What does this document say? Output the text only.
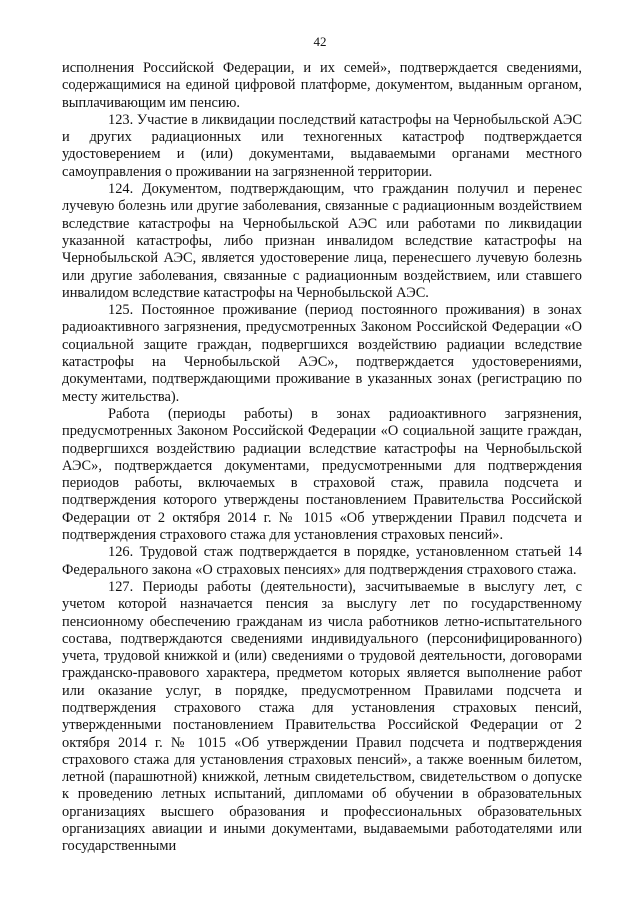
42

исполнения Российской Федерации, и их семей», подтверждается сведениями, содержащимися на единой цифровой платформе, документом, выданным органом, выплачивающим им пенсию.

123. Участие в ликвидации последствий катастрофы на Чернобыльской АЭС и других радиационных или техногенных катастроф подтверждается удостоверением и (или) документами, выдаваемыми органами местного самоуправления о проживании на загрязненной территории.

124. Документом, подтверждающим, что гражданин получил и перенес лучевую болезнь или другие заболевания, связанные с радиационным воздействием вследствие катастрофы на Чернобыльской АЭС или работами по ликвидации указанной катастрофы, либо признан инвалидом вследствие катастрофы на Чернобыльской АЭС, является удостоверение лица, перенесшего лучевую болезнь или другие заболевания, связанные с радиационным воздействием, или ставшего инвалидом вследствие катастрофы на Чернобыльской АЭС.

125. Постоянное проживание (период постоянного проживания) в зонах радиоактивного загрязнения, предусмотренных Законом Российской Федерации «О социальной защите граждан, подвергшихся воздействию радиации вследствие катастрофы на Чернобыльской АЭС», подтверждается удостоверениями, документами, подтверждающими проживание в указанных зонах (регистрацию по месту жительства).

Работа (периоды работы) в зонах радиоактивного загрязнения, предусмотренных Законом Российской Федерации «О социальной защите граждан, подвергшихся воздействию радиации вследствие катастрофы на Чернобыльской АЭС», подтверждается документами, предусмотренными для подтверждения периодов работы, включаемых в страховой стаж, правила подсчета и подтверждения которого утверждены постановлением Правительства Российской Федерации от 2 октября 2014 г. № 1015 «Об утверждении Правил подсчета и подтверждения страхового стажа для установления страховых пенсий».

126. Трудовой стаж подтверждается в порядке, установленном статьей 14 Федерального закона «О страховых пенсиях» для подтверждения страхового стажа.

127. Периоды работы (деятельности), засчитываемые в выслугу лет, с учетом которой назначается пенсия за выслугу лет по государственному пенсионному обеспечению гражданам из числа работников летно-испытательного состава, подтверждаются сведениями индивидуального (персонифицированного) учета, трудовой книжкой и (или) сведениями о трудовой деятельности, договорами гражданско-правового характера, предметом которых является выполнение работ или оказание услуг, в порядке, предусмотренном Правилами подсчета и подтверждения страхового стажа для установления страховых пенсий, утвержденными постановлением Правительства Российской Федерации от 2 октября 2014 г. № 1015 «Об утверждении Правил подсчета и подтверждения страхового стажа для установления страховых пенсий», а также военным билетом, летной (парашютной) книжкой, летным свидетельством, свидетельством о допуске к проведению летных испытаний, дипломами об обучении в образовательных организациях высшего образования и профессиональных образовательных организациях авиации и иными документами, выдаваемыми работодателями или государственными
